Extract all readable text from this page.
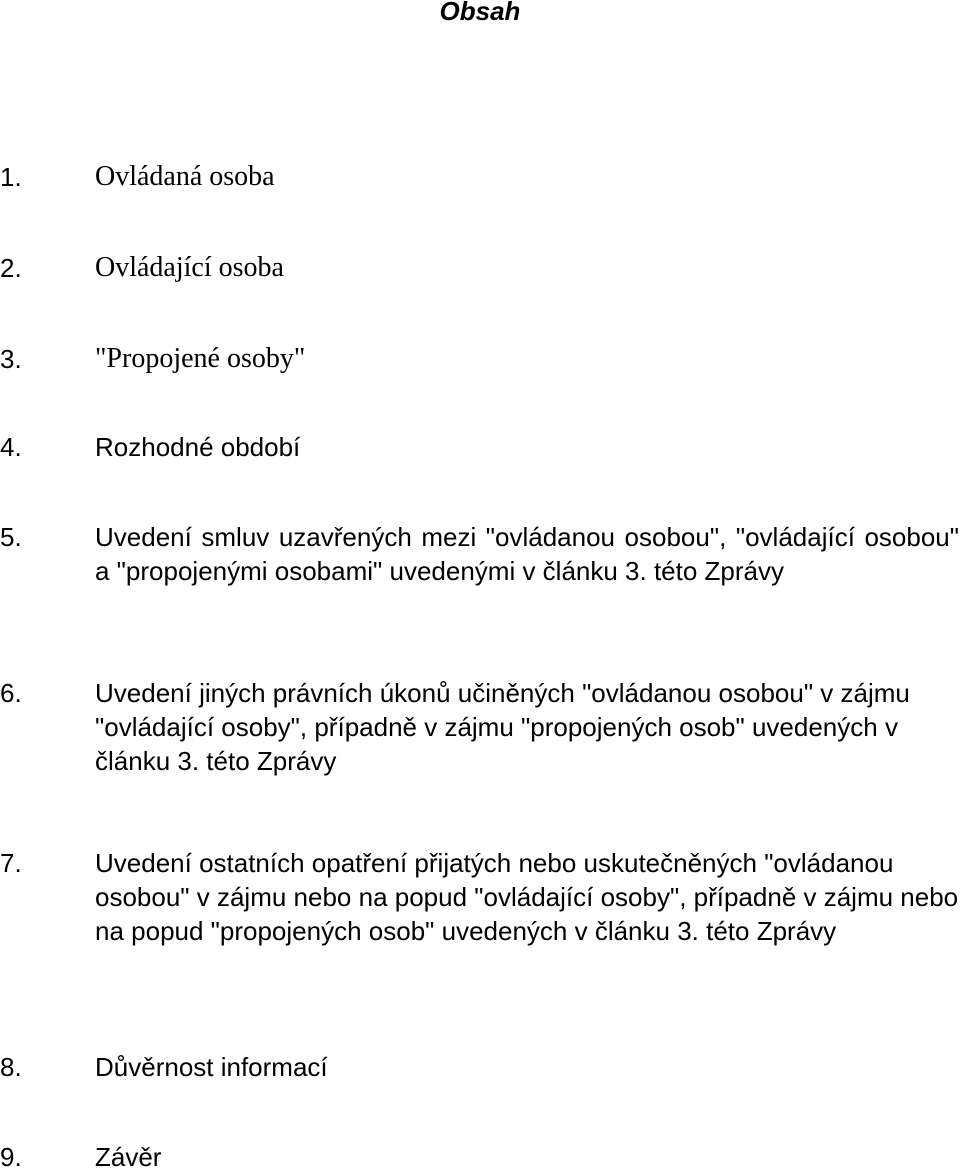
Obsah
1.	Ovládaná osoba
2.	Ovládající osoba
3.	"Propojené osoby"
4.	Rozhodné období
5.	Uvedení smluv uzavřených mezi "ovládanou osobou", "ovládající osobou" a "propojenými osobami" uvedenými v článku 3. této Zprávy
6.	Uvedení jiných právních úkonů učiněných "ovládanou osobou" v zájmu "ovládající osoby", případně v zájmu "propojených osob" uvedených v článku 3. této Zprávy
7.	Uvedení ostatních opatření přijatých nebo uskutečněných "ovládanou osobou" v zájmu nebo na popud "ovládající osoby", případně v zájmu nebo na popud "propojených osob" uvedených v článku 3. této Zprávy
8.	Důvěrnost informací
9.	Závěr
